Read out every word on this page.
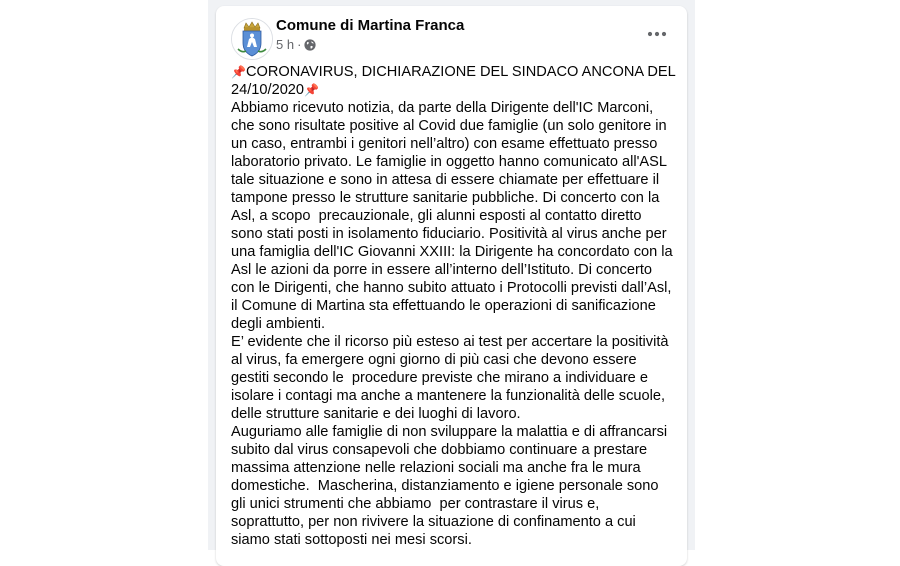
Comune di Martina Franca
5 h ·
📌CORONAVIRUS, DICHIARAZIONE DEL SINDACO ANCONA DEL
24/10/2020📌
Abbiamo ricevuto notizia, da parte della Dirigente dell'IC Marconi,
che sono risultate positive al Covid due famiglie (un solo genitore in
un caso, entrambi i genitori nell’altro) con esame effettuato presso
laboratorio privato. Le famiglie in oggetto hanno comunicato all'ASL
tale situazione e sono in attesa di essere chiamate per effettuare il
tampone presso le strutture sanitarie pubbliche. Di concerto con la
Asl, a scopo  precauzionale, gli alunni esposti al contatto diretto
sono stati posti in isolamento fiduciario. Positività al virus anche per
una famiglia dell'IC Giovanni XXIII: la Dirigente ha concordato con la
Asl le azioni da porre in essere all’interno dell’Istituto. Di concerto
con le Dirigenti, che hanno subito attuato i Protocolli previsti dall’Asl,
il Comune di Martina sta effettuando le operazioni di sanificazione
degli ambienti.
E’ evidente che il ricorso più esteso ai test per accertare la positività
al virus, fa emergere ogni giorno di più casi che devono essere
gestiti secondo le  procedure previste che mirano a individuare e
isolare i contagi ma anche a mantenere la funzionalità delle scuole,
delle strutture sanitarie e dei luoghi di lavoro.
Auguriamo alle famiglie di non sviluppare la malattia e di affrancarsi
subito dal virus consapevoli che dobbiamo continuare a prestare
massima attenzione nelle relazioni sociali ma anche fra le mura
domestiche.  Mascherina, distanziamento e igiene personale sono
gli unici strumenti che abbiamo  per contrastare il virus e,
soprattutto, per non rivivere la situazione di confinamento a cui
siamo stati sottoposti nei mesi scorsi.
